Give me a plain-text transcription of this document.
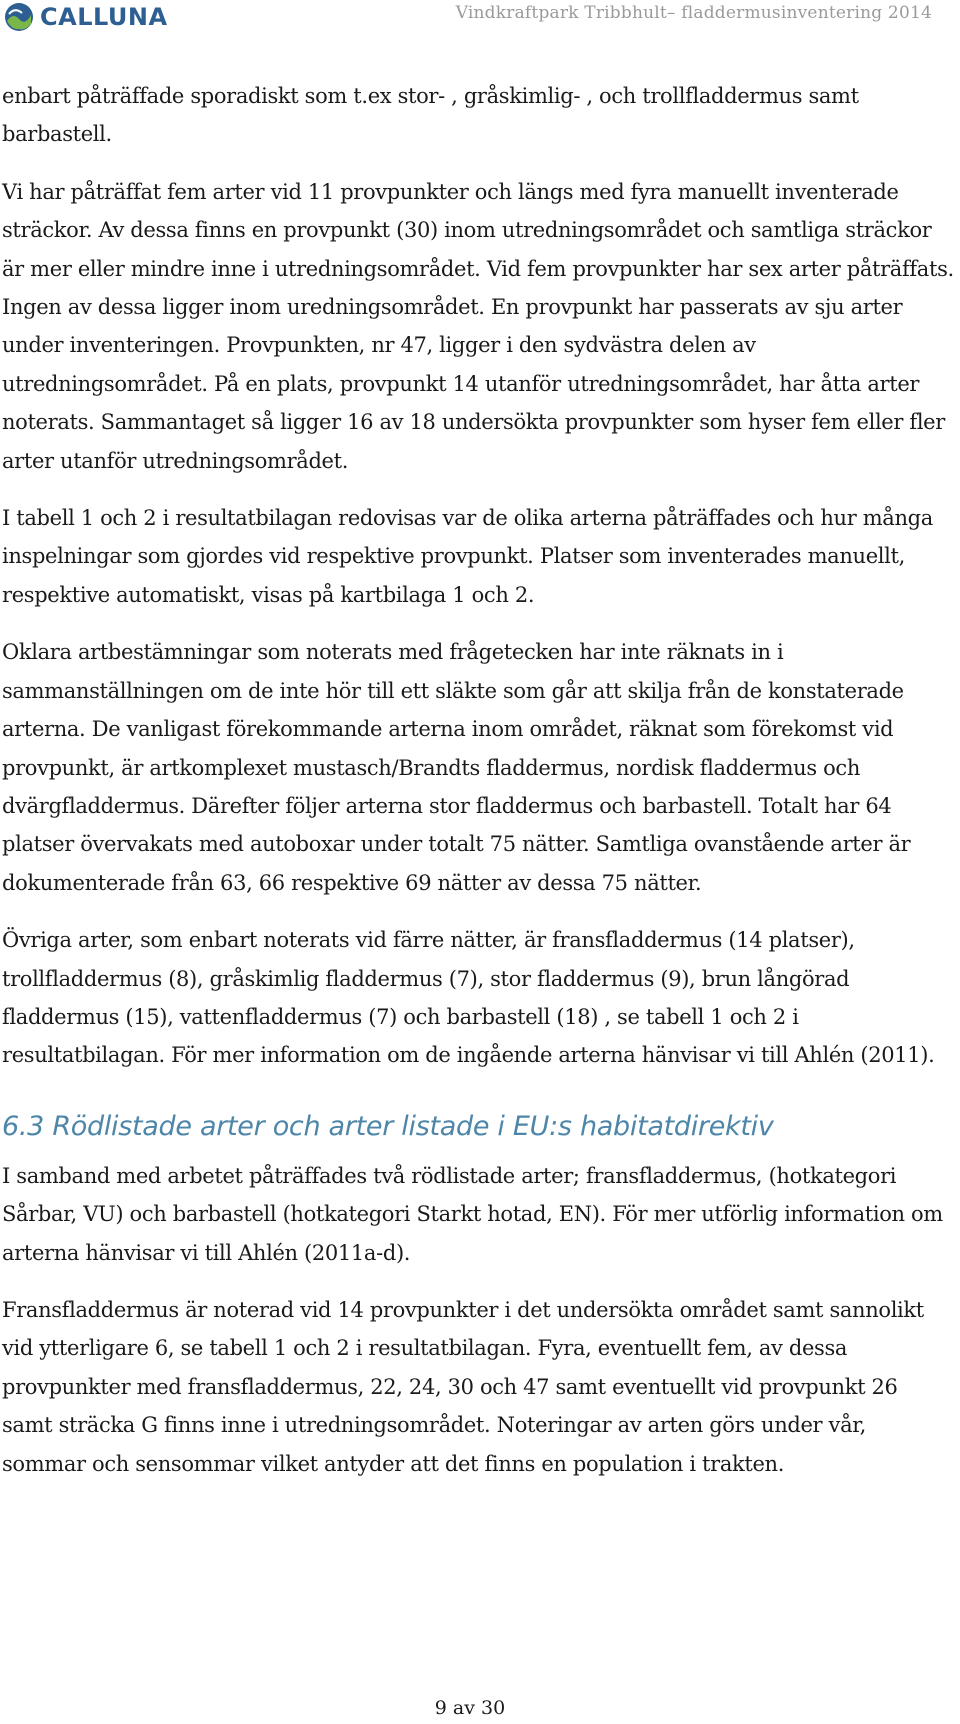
CALLUNA	Vindkraftpark Tribbhult– fladdermusinventering 2014

enbart påträffade sporadiskt som t.ex stor- , gråskimlig- , och trollfladdermus samt barbastell.

Vi har påträffat fem arter vid 11 provpunkter och längs med fyra manuellt inventerade sträckor. Av dessa finns en provpunkt (30) inom utredningsområdet och samtliga sträckor är mer eller mindre inne i utredningsområdet. Vid fem provpunkter har sex arter påträffats. Ingen av dessa ligger inom uredningsområdet. En provpunkt har passerats av sju arter under inventeringen. Provpunkten, nr 47, ligger i den sydvästra delen av utredningsområdet. På en plats, provpunkt 14 utanför utredningsområdet, har åtta arter noterats. Sammantaget så ligger 16 av 18 undersökta provpunkter som hyser fem eller fler arter utanför utredningsområdet.

I tabell 1 och 2 i resultatbilagan redovisas var de olika arterna påträffades och hur många inspelningar som gjordes vid respektive provpunkt. Platser som inventerades manuellt, respektive automatiskt, visas på kartbilaga 1 och 2.

Oklara artbestämningar som noterats med frågetecken har inte räknats in i sammanställningen om de inte hör till ett släkte som går att skilja från de konstaterade arterna. De vanligast förekommande arterna inom området, räknat som förekomst vid provpunkt, är artkomplexet mustasch/Brandts fladdermus, nordisk fladdermus och dvärgfladdermus. Därefter följer arterna stor fladdermus och barbastell. Totalt har 64 platser övervakats med autoboxar under totalt 75 nätter. Samtliga ovanstående arter är dokumenterade från 63, 66 respektive 69 nätter av dessa 75 nätter.

Övriga arter, som enbart noterats vid färre nätter, är fransfladdermus (14 platser), trollfladdermus (8), gråskimlig fladdermus (7), stor fladdermus (9), brun långörad fladdermus (15), vattenfladdermus (7) och barbastell (18) , se tabell 1 och 2 i resultatbilagan. För mer information om de ingående arterna hänvisar vi till Ahlén (2011).

6.3 Rödlistade arter och arter listade i EU:s habitatdirektiv

I samband med arbetet påträffades två rödlistade arter; fransfladdermus, (hotkategori Sårbar, VU) och barbastell (hotkategori Starkt hotad, EN). För mer utförlig information om arterna hänvisar vi till Ahlén (2011a-d).

Fransfladdermus är noterad vid 14 provpunkter i det undersökta området samt sannolikt vid ytterligare 6, se tabell 1 och 2 i resultatbilagan. Fyra, eventuellt fem, av dessa provpunkter med fransfladdermus, 22, 24, 30 och 47 samt eventuellt vid provpunkt 26 samt sträcka G finns inne i utredningsområdet. Noteringar av arten görs under vår, sommar och sensommar vilket antyder att det finns en population i trakten.

9 av 30
